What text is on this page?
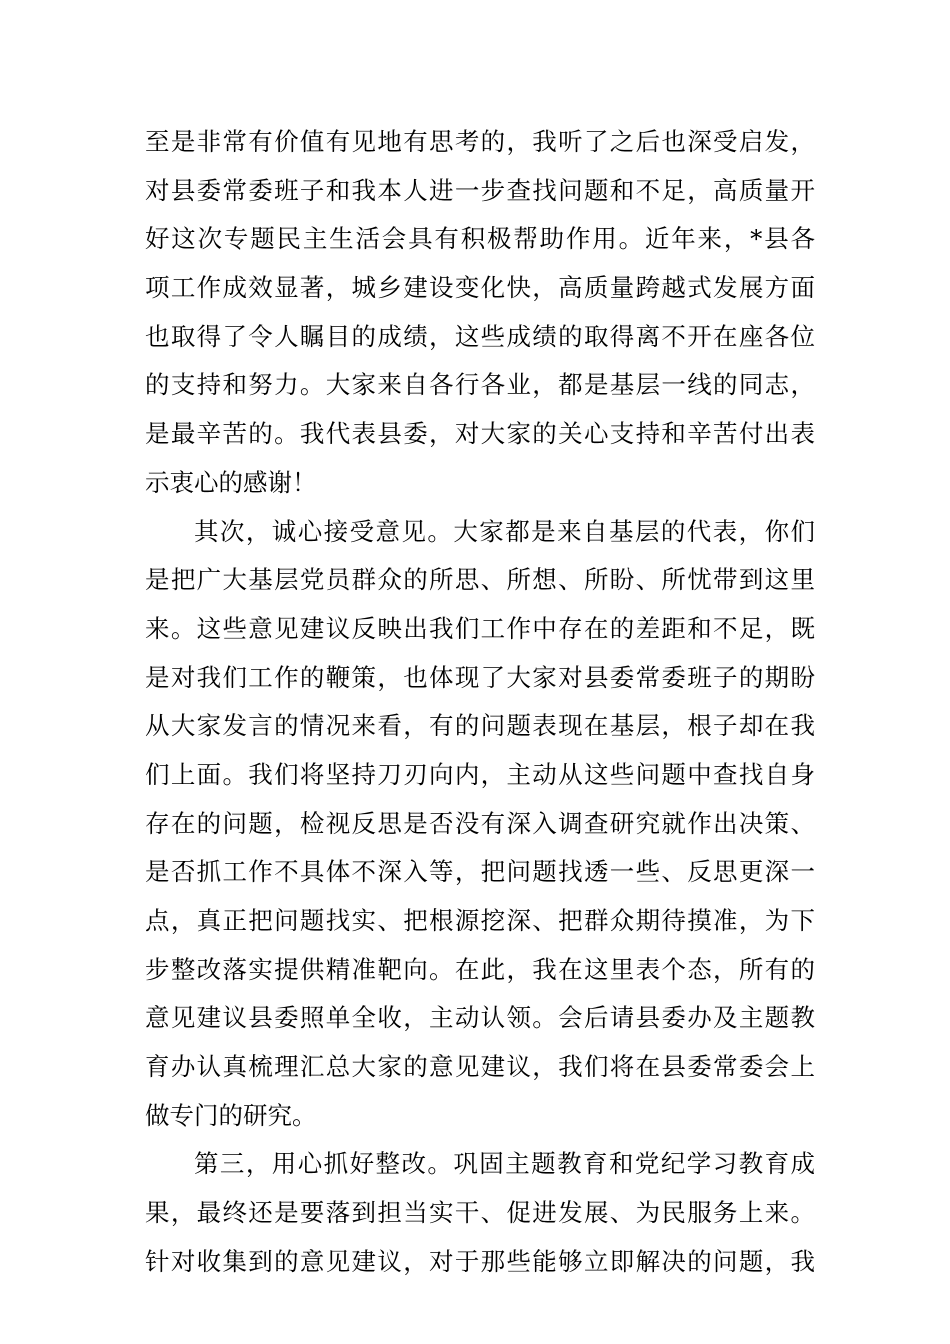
至是非常有价值有见地有思考的，我听了之后也深受启发，
对县委常委班子和我本人进一步查找问题和不足，高质量开
好这次专题民主生活会具有积极帮助作用。近年来，*县各
项工作成效显著，城乡建设变化快，高质量跨越式发展方面
也取得了令人瞩目的成绩，这些成绩的取得离不开在座各位
的支持和努力。大家来自各行各业，都是基层一线的同志，
是最辛苦的。我代表县委，对大家的关心支持和辛苦付出表
示衷心的感谢！
其次，诚心接受意见。大家都是来自基层的代表，你们
是把广大基层党员群众的所思、所想、所盼、所忧带到这里
来。这些意见建议反映出我们工作中存在的差距和不足，既
是对我们工作的鞭策，也体现了大家对县委常委班子的期盼
从大家发言的情况来看，有的问题表现在基层，根子却在我
们上面。我们将坚持刀刃向内，主动从这些问题中查找自身
存在的问题，检视反思是否没有深入调查研究就作出决策、
是否抓工作不具体不深入等，把问题找透一些、反思更深一
点，真正把问题找实、把根源挖深、把群众期待摸准，为下
步整改落实提供精准靶向。在此，我在这里表个态，所有的
意见建议县委照单全收，主动认领。会后请县委办及主题教
育办认真梳理汇总大家的意见建议，我们将在县委常委会上
做专门的研究。
第三，用心抓好整改。巩固主题教育和党纪学习教育成
果，最终还是要落到担当实干、促进发展、为民服务上来。
针对收集到的意见建议，对于那些能够立即解决的问题，我
